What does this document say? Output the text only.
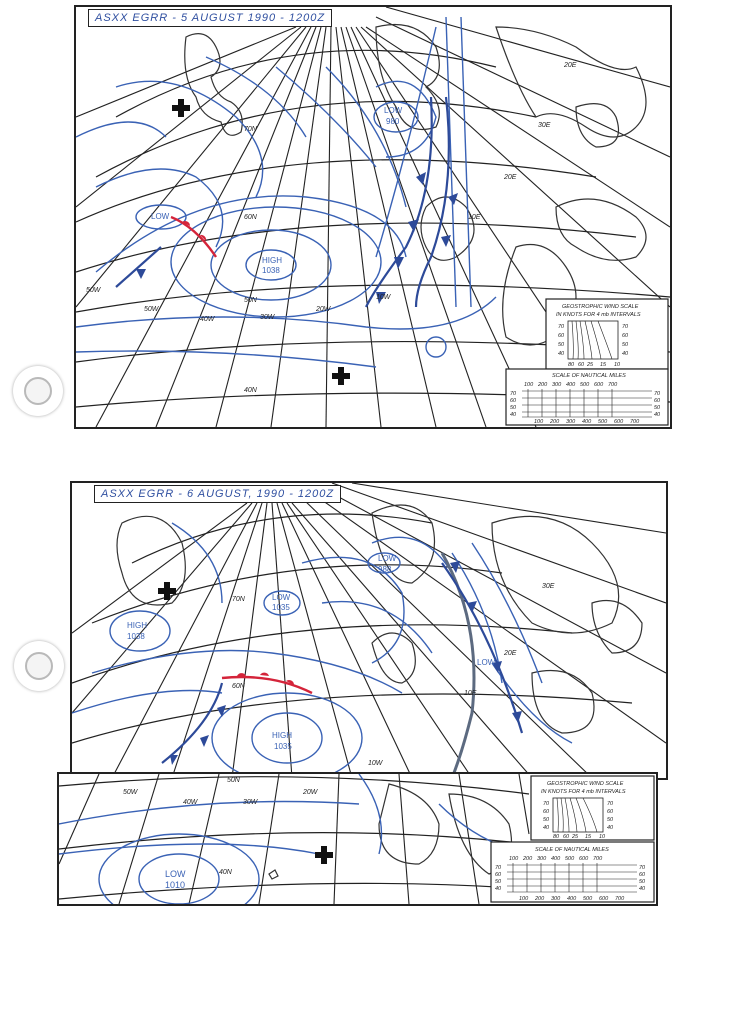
LOW
980
LOW
HIGH
1038
70N
60N
50N
40N
50W
50W
40W	30W
20W
10W
20E
30E
20E
10E
GEOSTROPHIC WIND SCALE
IN KNOTS FOR 4 mb INTERVALS
70
60
50
40
70
60
50
40
80 60 25 15 10
SCALE OF NAUTICAL MILES
100 200 300 400 500 600 700
100 200 300 400 500 600 700
70
60
50
40
70
60
50
40
ASXX EGRR - 5 AUGUST 1990 - 1200Z
LOW
988
LOW
1035
HIGH
1038
HIGH
1035
LOW
70N
60N
30E
20E
10E
10W
ASXX EGRR - 6 AUGUST, 1990 - 1200Z
LOW
1010
50N
40N
50W
40W	30W
20W
GEOSTROPHIC WIND SCALE
IN KNOTS FOR 4 mb INTERVALS
70
60
50
40
70
60
50
40
80 60 25 15 10
SCALE OF NAUTICAL MILES
100 200 300 400 500 600 700
100 200 300 400 500 600 700
70
60
50
40
70
60
50
40
